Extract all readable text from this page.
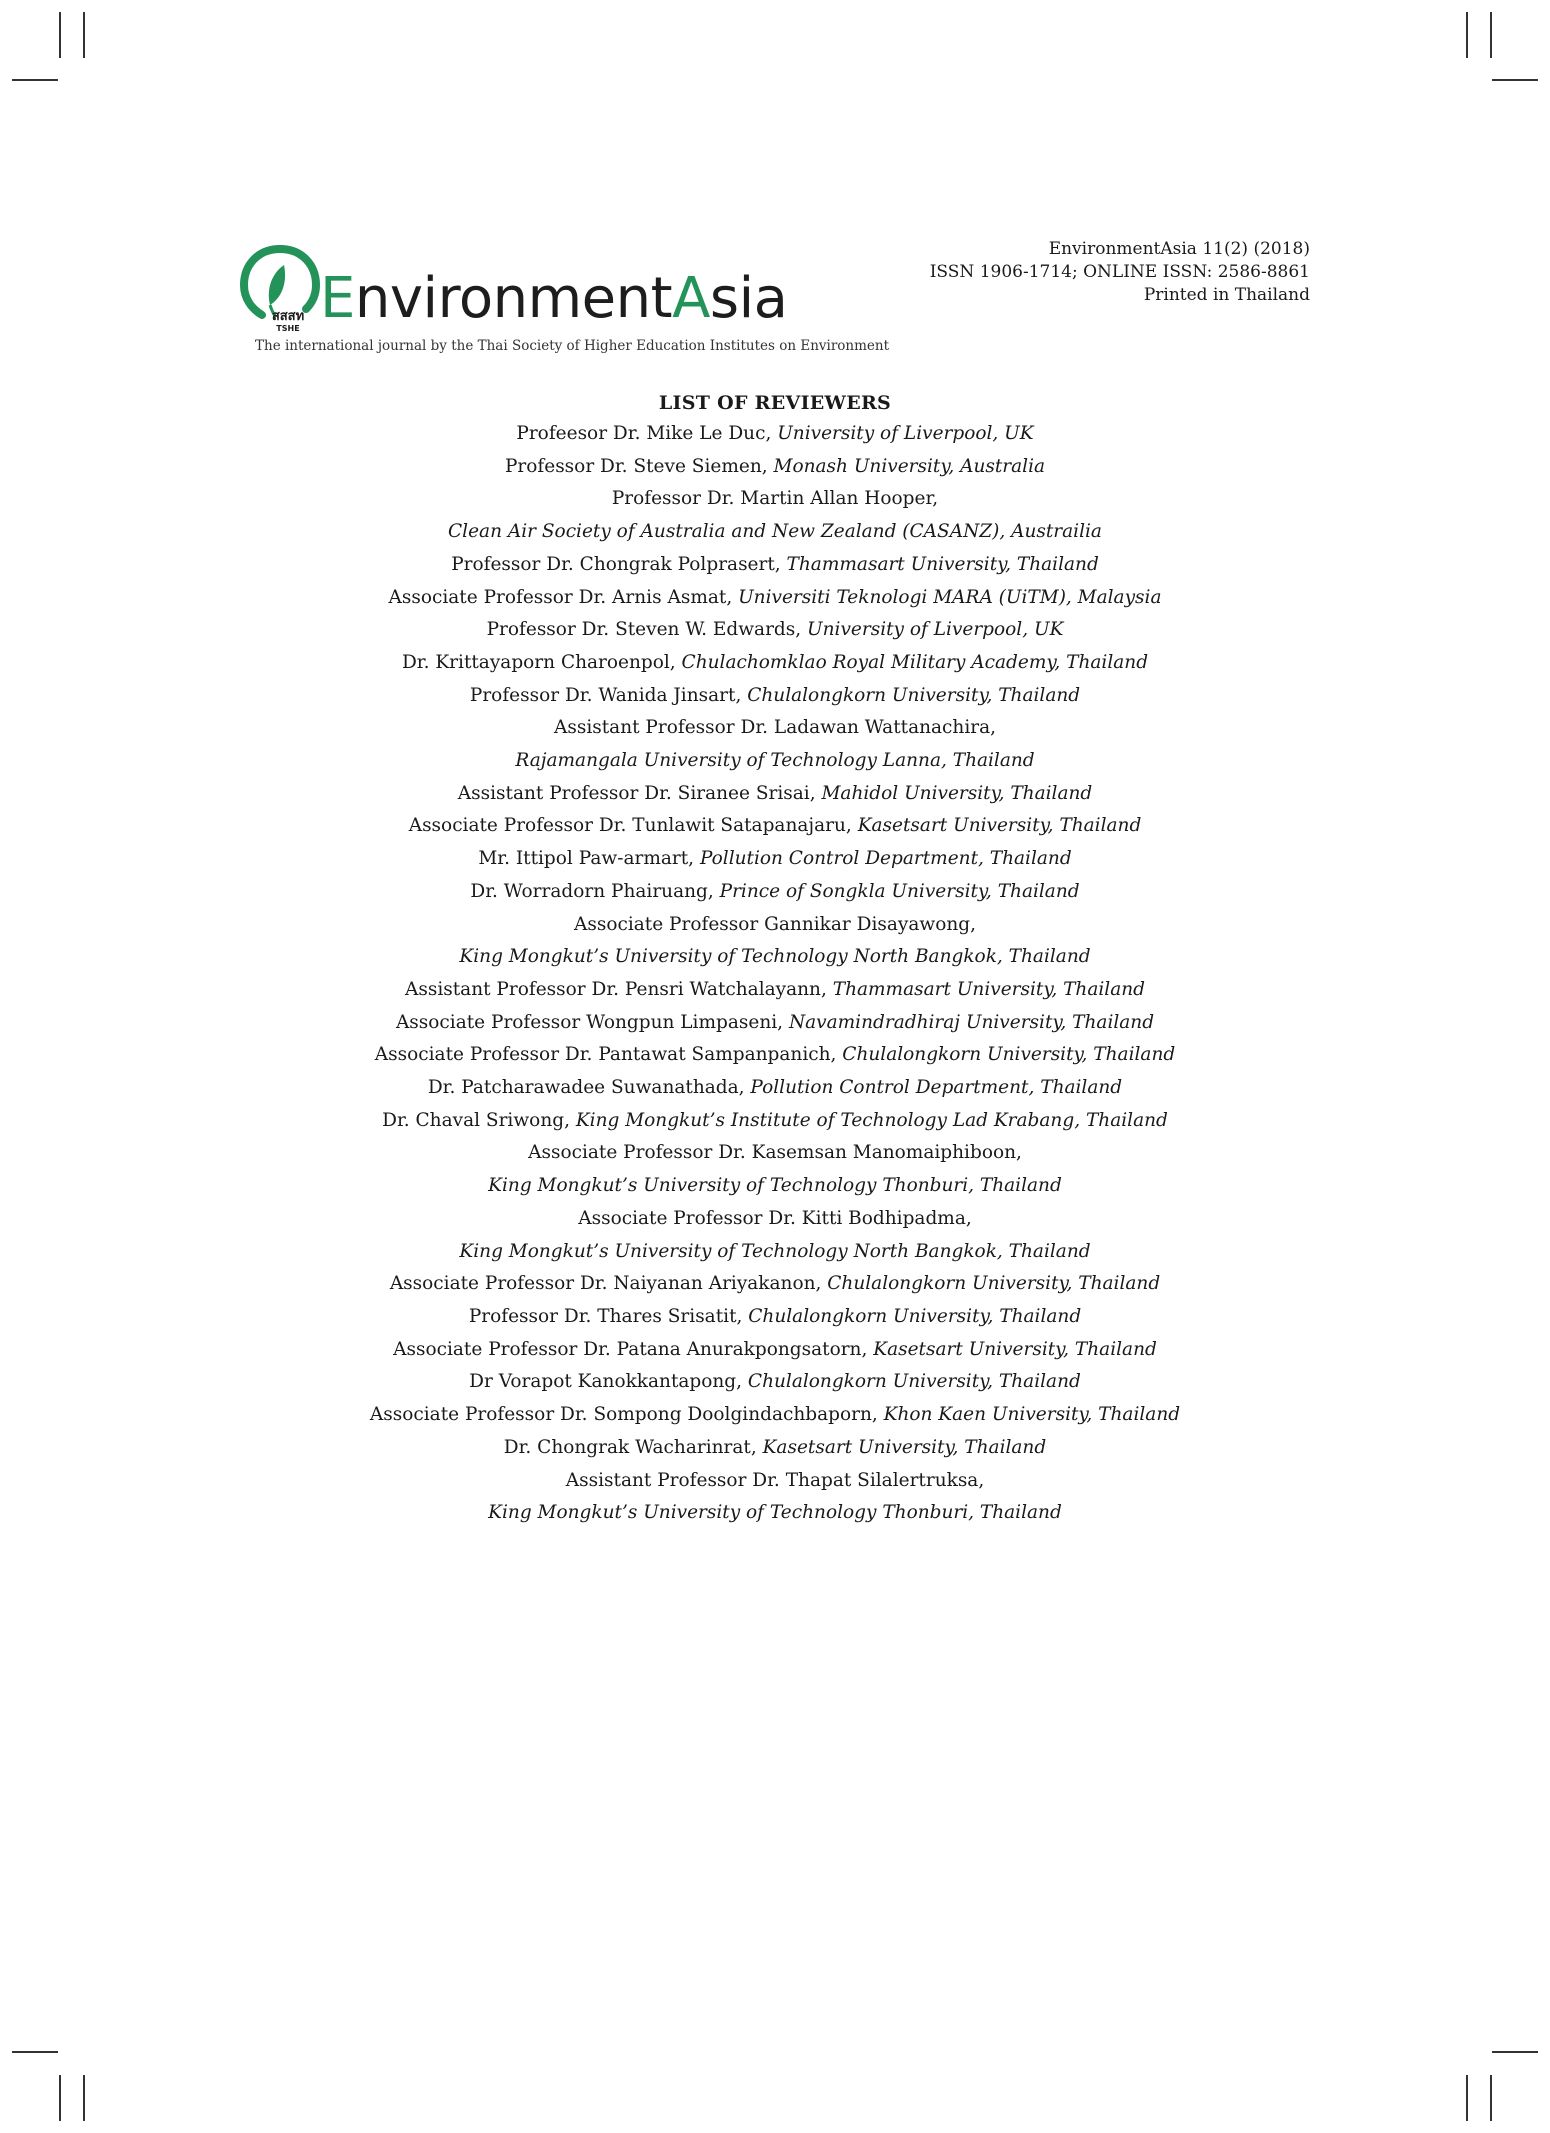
สสสท
TSHE EnvironmentAsia
The international journal by the Thai Society of Higher Education Institutes on Environment
EnvironmentAsia 11(2) (2018)
ISSN 1906-1714; ONLINE ISSN: 2586-8861
Printed in Thailand
LIST OF REVIEWERS
Profeesor Dr. Mike Le Duc, University of Liverpool, UK
Professor Dr. Steve Siemen, Monash University, Australia
Professor Dr. Martin Allan Hooper,
Clean Air Society of Australia and New Zealand (CASANZ), Austrailia
Professor Dr. Chongrak Polprasert, Thammasart University, Thailand
Associate Professor Dr. Arnis Asmat, Universiti Teknologi MARA (UiTM), Malaysia
Professor Dr. Steven W. Edwards, University of Liverpool, UK
Dr. Krittayaporn Charoenpol, Chulachomklao Royal Military Academy, Thailand
Professor Dr. Wanida Jinsart, Chulalongkorn University, Thailand
Assistant Professor Dr. Ladawan Wattanachira,
Rajamangala University of Technology Lanna, Thailand
Assistant Professor Dr. Siranee Srisai, Mahidol University, Thailand
Associate Professor Dr. Tunlawit Satapanajaru, Kasetsart University, Thailand
Mr. Ittipol Paw-armart, Pollution Control Department, Thailand
Dr. Worradorn Phairuang, Prince of Songkla University, Thailand
Associate Professor Gannikar Disayawong,
King Mongkut’s University of Technology North Bangkok, Thailand
Assistant Professor Dr. Pensri Watchalayann, Thammasart University, Thailand
Associate Professor Wongpun Limpaseni, Navamindradhiraj University, Thailand
Associate Professor Dr. Pantawat Sampanpanich, Chulalongkorn University, Thailand
Dr. Patcharawadee Suwanathada, Pollution Control Department, Thailand
Dr. Chaval Sriwong, King Mongkut’s Institute of Technology Lad Krabang, Thailand
Associate Professor Dr. Kasemsan Manomaiphiboon,
King Mongkut’s University of Technology Thonburi, Thailand
Associate Professor Dr. Kitti Bodhipadma,
King Mongkut’s University of Technology North Bangkok, Thailand
Associate Professor Dr. Naiyanan Ariyakanon, Chulalongkorn University, Thailand
Professor Dr. Thares Srisatit, Chulalongkorn University, Thailand
Associate Professor Dr. Patana Anurakpongsatorn, Kasetsart University, Thailand
Dr Vorapot Kanokkantapong, Chulalongkorn University, Thailand
Associate Professor Dr. Sompong Doolgindachbaporn, Khon Kaen University, Thailand
Dr. Chongrak Wacharinrat, Kasetsart University, Thailand
Assistant Professor Dr. Thapat Silalertruksa,
King Mongkut’s University of Technology Thonburi, Thailand
